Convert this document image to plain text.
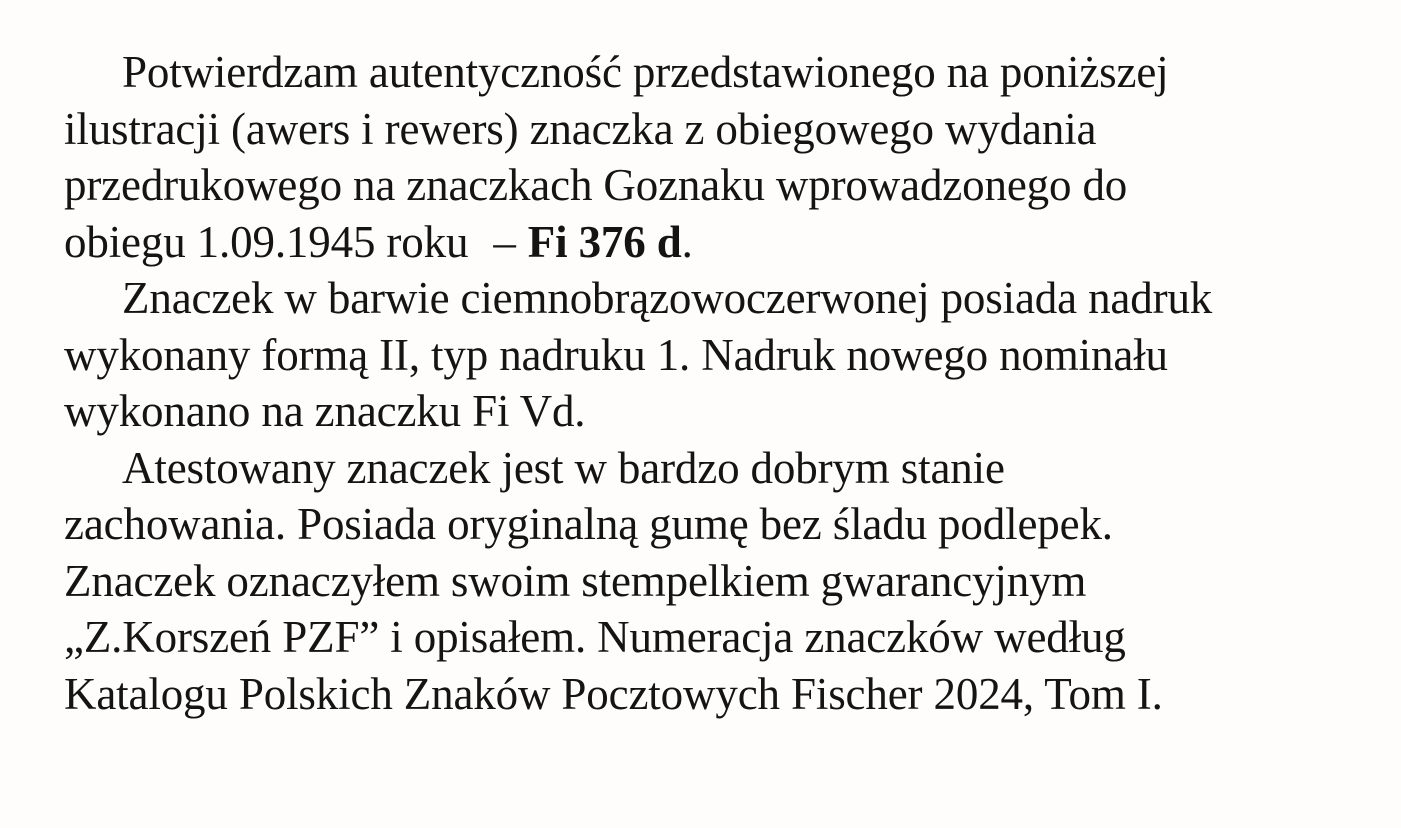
Potwierdzam autentyczność przedstawionego na poniższej
ilustracji (awers i rewers) znaczka z obiegowego wydania
przedrukowego na znaczkach Goznaku wprowadzonego do
obiegu 1.09.1945 roku – Fi 376 d.
Znaczek w barwie ciemnobrązowoczerwonej posiada nadruk
wykonany formą II, typ nadruku 1. Nadruk nowego nominału
wykonano na znaczku Fi Vd.
Atestowany znaczek jest w bardzo dobrym stanie
zachowania. Posiada oryginalną gumę bez śladu podlepek.
Znaczek oznaczyłem swoim stempelkiem gwarancyjnym
„Z.Korszeń PZF” i opisałem. Numeracja znaczków według
Katalogu Polskich Znaków Pocztowych Fischer 2024, Tom I.
